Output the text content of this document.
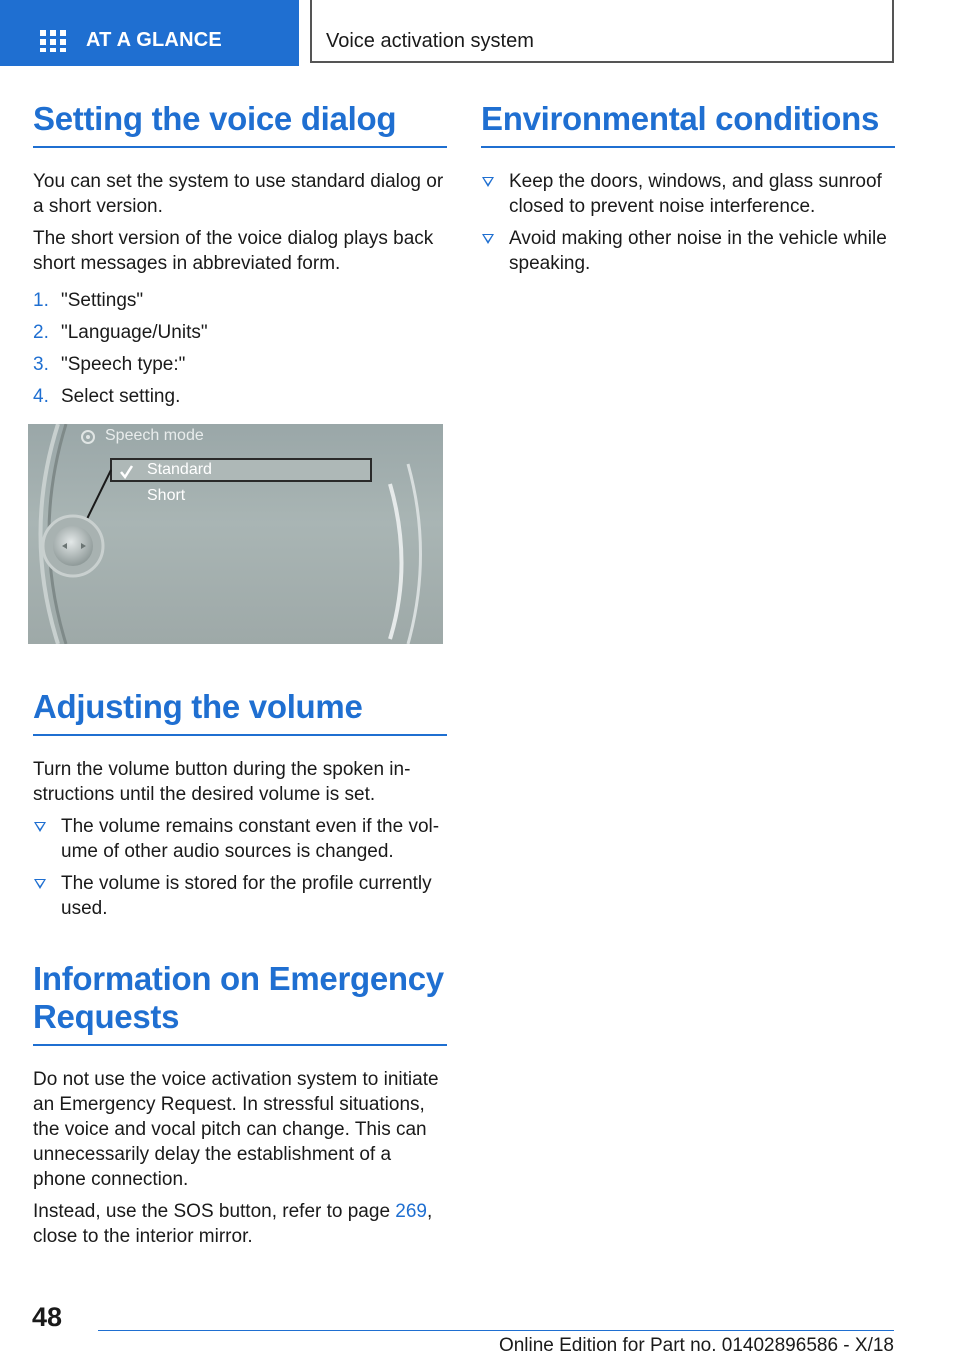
AT A GLANCE	Voice activation system
Setting the voice dialog

You can set the system to use standard dialog or a short version.

The short version of the voice dialog plays back short messages in abbreviated form.

1. "Settings"
2. "Language/Units"
3. "Speech type:"
4. Select setting.
Speech mode
Standard
Short
Adjusting the volume

Turn the volume button during the spoken instructions until the desired volume is set.

The volume remains constant even if the volume of other audio sources is changed.
The volume is stored for the profile currently used.
Information on Emergency Requests

Do not use the voice activation system to initiate an Emergency Request. In stressful situations, the voice and vocal pitch can change. This can unnecessarily delay the establishment of a phone connection.

Instead, use the SOS button, refer to page 269,
close to the interior mirror.

Environmental conditions
Keep the doors, windows, and glass sunroof closed to prevent noise interference.
Avoid making other noise in the vehicle while speaking.
48
Online Edition for Part no. 01402896586 - X/18
